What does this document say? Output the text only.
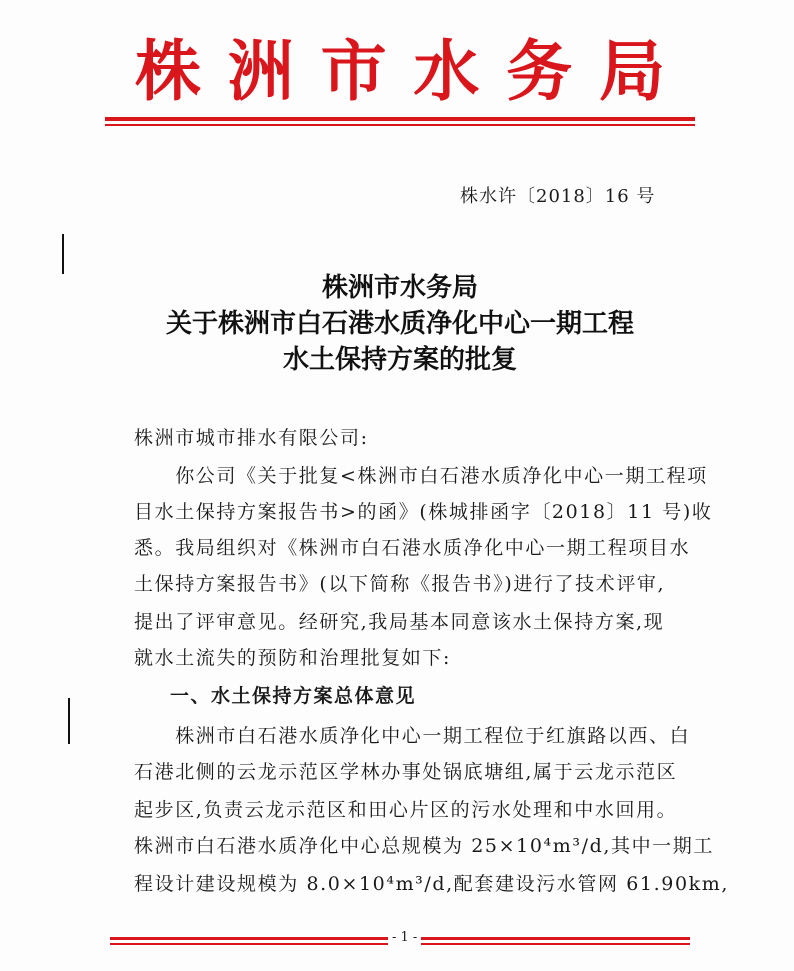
株 洲 市 水 务 局
株水许〔2018〕16 号
株洲市水务局
关于株洲市白石港水质净化中心一期工程
水土保持方案的批复
株洲市城市排水有限公司:
　　你公司《关于批复<株洲市白石港水质净化中心一期工程项
目水土保持方案报告书>的函》(株城排函字〔2018〕11 号)收
悉。我局组织对《株洲市白石港水质净化中心一期工程项目水
土保持方案报告书》(以下简称《报告书》)进行了技术评审,
提出了评审意见。经研究,我局基本同意该水土保持方案,现
就水土流失的预防和治理批复如下:
一、水土保持方案总体意见
　　株洲市白石港水质净化中心一期工程位于红旗路以西、白
石港北侧的云龙示范区学林办事处锅底塘组,属于云龙示范区
起步区,负责云龙示范区和田心片区的污水处理和中水回用。
株洲市白石港水质净化中心总规模为 25×10⁴m³/d,其中一期工
程设计建设规模为 8.0×10⁴m³/d,配套建设污水管网 61.90km,
- 1 -
